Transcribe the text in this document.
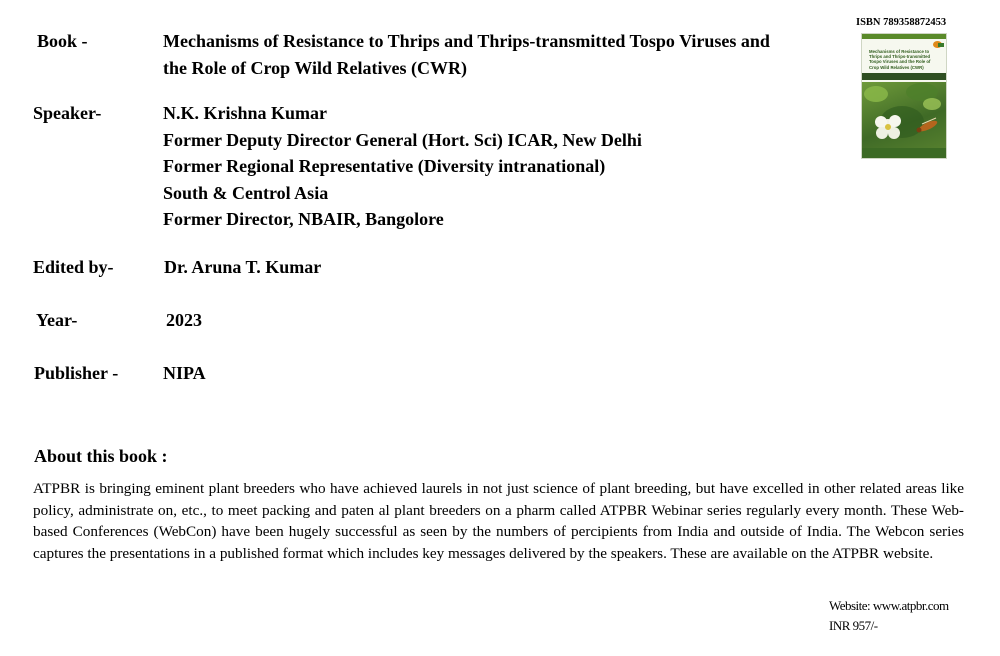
Book -	Mechanisms of Resistance to Thrips and Thrips-transmitted Tospo Viruses and
the Role of Crop Wild Relatives (CWR)
Speaker-	N.K. Krishna Kumar
Former Deputy Director General (Hort. Sci) ICAR, New Delhi
Former Regional Representative (Diversity intranational)
South & Centrol Asia
Former Director, NBAIR, Bangolore
Edited by-	Dr. Aruna T. Kumar
Year-	2023
Publisher - NIPA
ISBN 789358872453
Mechanisms of Resistance to Thrips and Thrips-transmitted Tospo Viruses and the Role of Crop Wild Relatives (CWR)
About this book :
ATPBR is bringing eminent plant breeders who have achieved laurels in not just science of plant breeding, but have excelled in other related areas like policy, administrate on, etc., to meet packing and paten al plant breeders on a pharm called ATPBR Webinar series regularly every month. These Web-based Conferences (WebCon) have been hugely successful as seen by the numbers of percipients from India and outside of India. The Webcon series captures the presentations in a published format which includes key messages delivered by the speakers. These are available on the ATPBR website.
Website: www.atpbr.com
INR 957/-
